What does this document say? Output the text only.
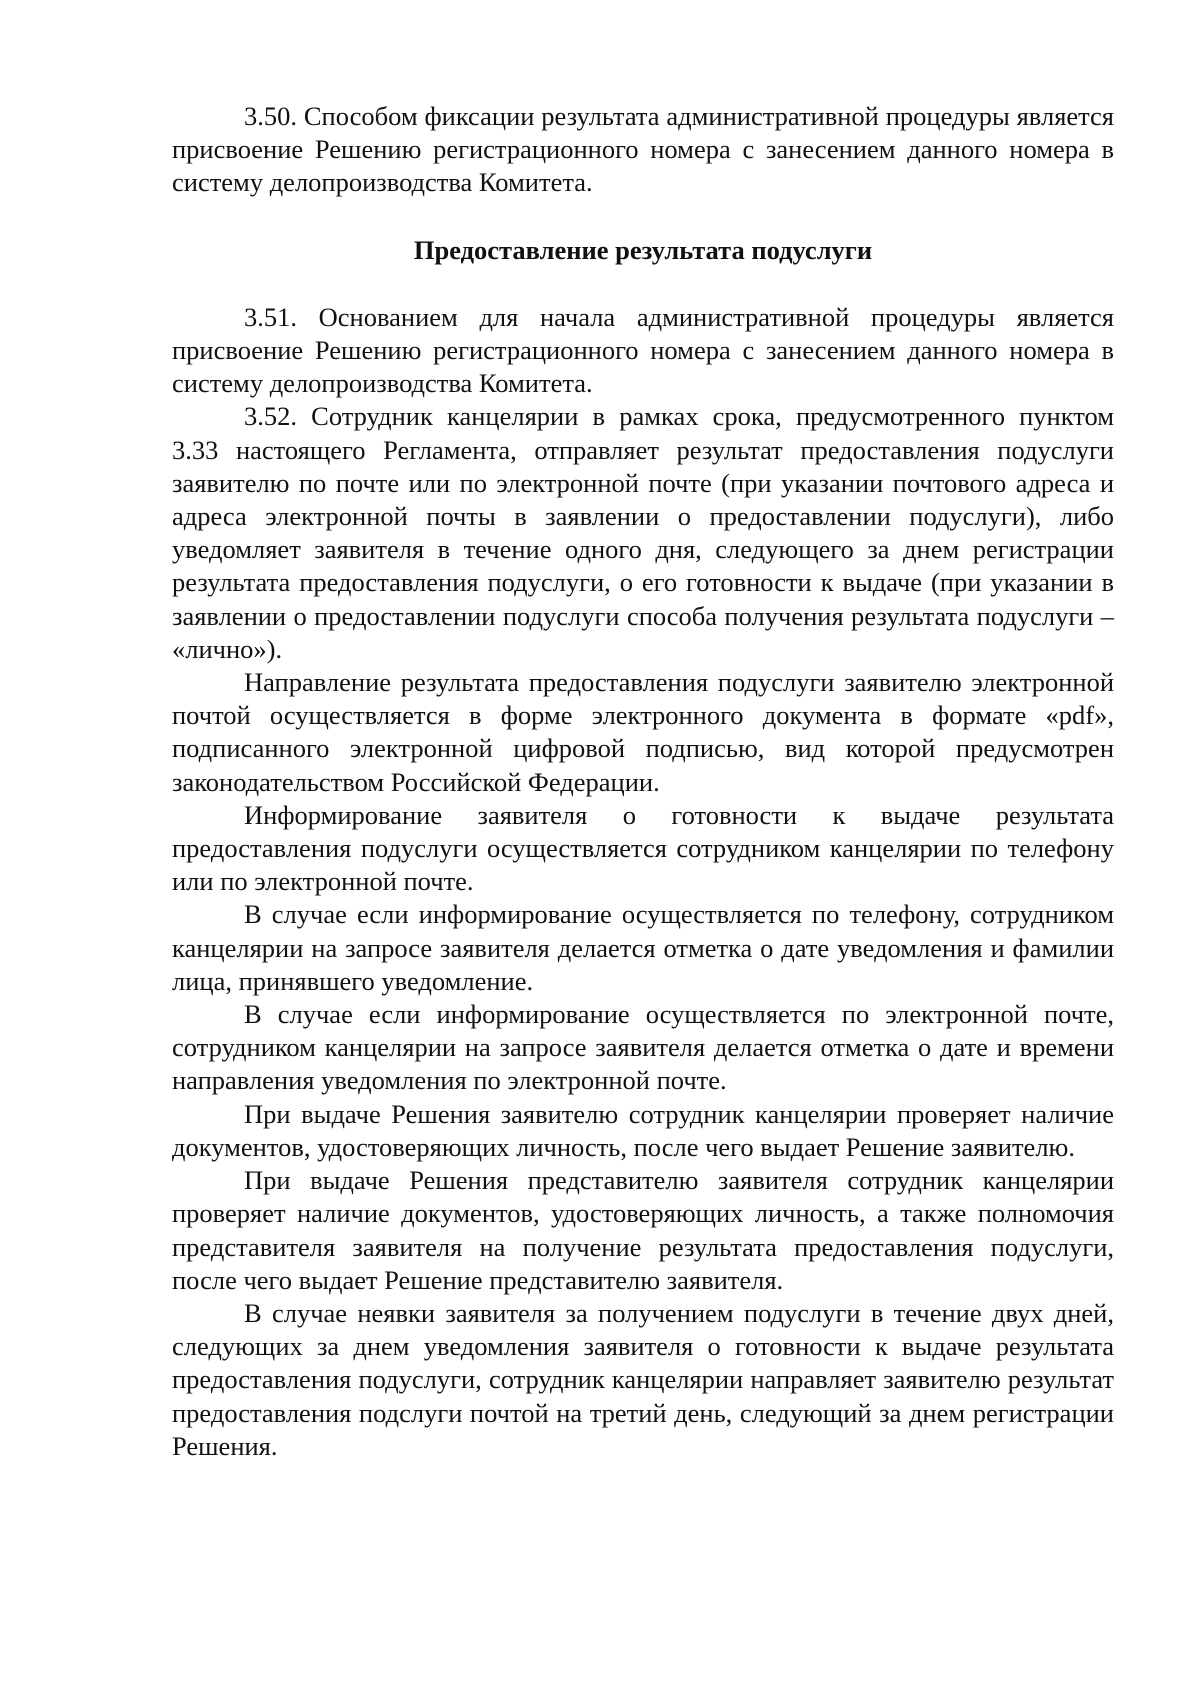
3.50. Способом фиксации результата административной процедуры является присвоение Решению регистрационного номера с занесением данного номера в систему делопроизводства Комитета.

Предоставление результата подуслуги

3.51. Основанием для начала административной процедуры является присвоение Решению регистрационного номера с занесением данного номера в систему делопроизводства Комитета.

3.52. Сотрудник канцелярии в рамках срока, предусмотренного пунктом 3.33 настоящего Регламента, отправляет результат предоставления подуслуги заявителю по почте или по электронной почте (при указании почтового адреса и адреса электронной почты в заявлении о предоставлении подуслуги), либо уведомляет заявителя в течение одного дня, следующего за днем регистрации результата предоставления подуслуги, о его готовности к выдаче (при указании в заявлении о предоставлении подуслуги способа получения результата подуслуги – «лично»).

Направление результата предоставления подуслуги заявителю электронной почтой осуществляется в форме электронного документа в формате «pdf», подписанного электронной цифровой подписью, вид которой предусмотрен законодательством Российской Федерации.

Информирование заявителя о готовности к выдаче результата предоставления подуслуги осуществляется сотрудником канцелярии по телефону или по электронной почте.

В случае если информирование осуществляется по телефону, сотрудником канцелярии на запросе заявителя делается отметка о дате уведомления и фамилии лица, принявшего уведомление.

В случае если информирование осуществляется по электронной почте, сотрудником канцелярии на запросе заявителя делается отметка о дате и времени направления уведомления по электронной почте.

При выдаче Решения заявителю сотрудник канцелярии проверяет наличие документов, удостоверяющих личность, после чего выдает Решение заявителю.

При выдаче Решения представителю заявителя сотрудник канцелярии проверяет наличие документов, удостоверяющих личность, а также полномочия представителя заявителя на получение результата предоставления подуслуги, после чего выдает Решение представителю заявителя.

В случае неявки заявителя за получением подуслуги в течение двух дней, следующих за днем уведомления заявителя о готовности к выдаче результата предоставления подуслуги, сотрудник канцелярии направляет заявителю результат предоставления подслуги почтой на третий день, следующий за днем регистрации Решения.
